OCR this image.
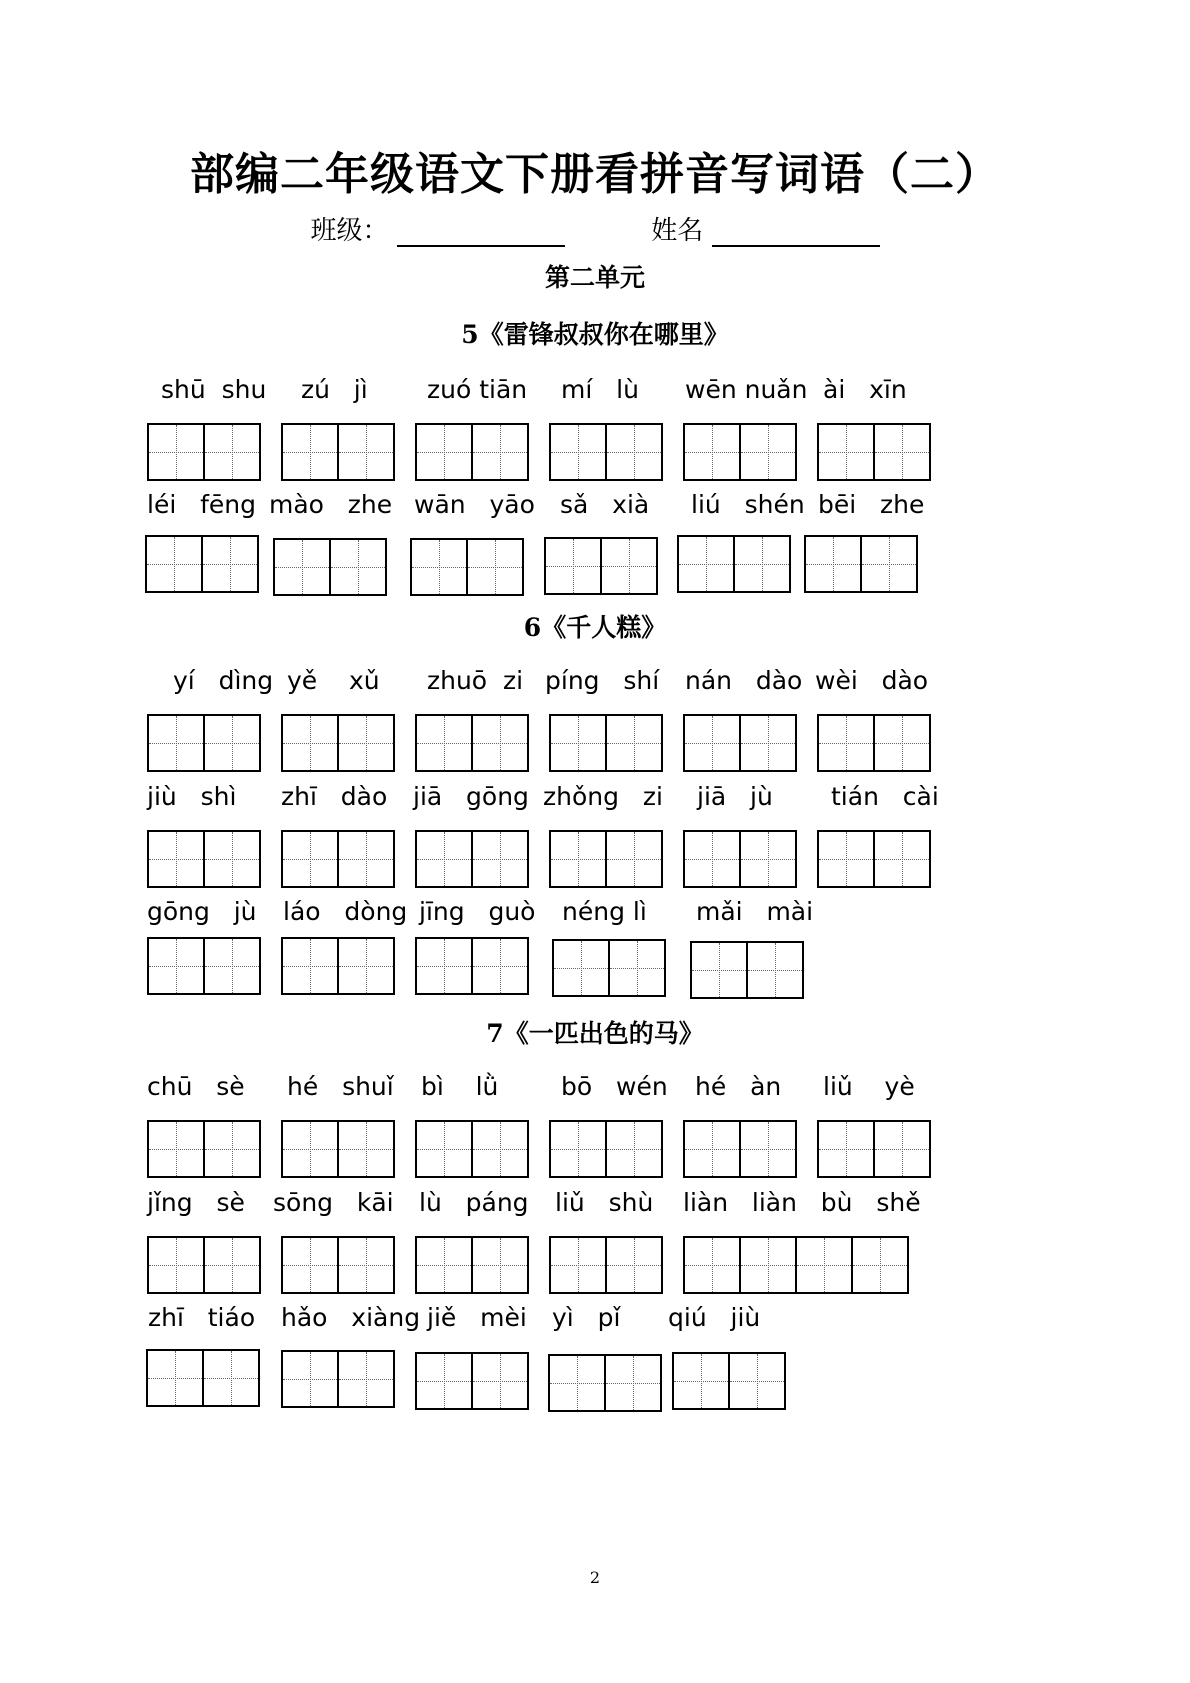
部编二年级语文下册看拼音写词语（二）
班级：	姓名
第二单元
5《雷锋叔叔你在哪里》
shū  shu zú   jì zuó tiān mí   lù wēn nuǎn ài   xīn
léi   fēng mào   zhe wān   yāo sǎ   xià liú   shén bēi   zhe
6《千人糕》
yí   dìng yě    xǔ zhuō  zi píng   shí nán   dào wèi   dào
jiù   shì zhī   dào jiā   gōng zhǒng   zi jiā   jù tián   cài
gōng   jù láo   dòng jīng   guò néng lì mǎi   mài
7《一匹出色的马》
chū   sè hé   shuǐ bì    lǜ	bō   wén hé   àn liǔ    yè
jǐng   sè sōng   kāi lù   páng liǔ   shù liàn   liàn   bù   shě
zhī   tiáo hǎo   xiàng jiě   mèi yì   pǐ qiú   jiù
2
